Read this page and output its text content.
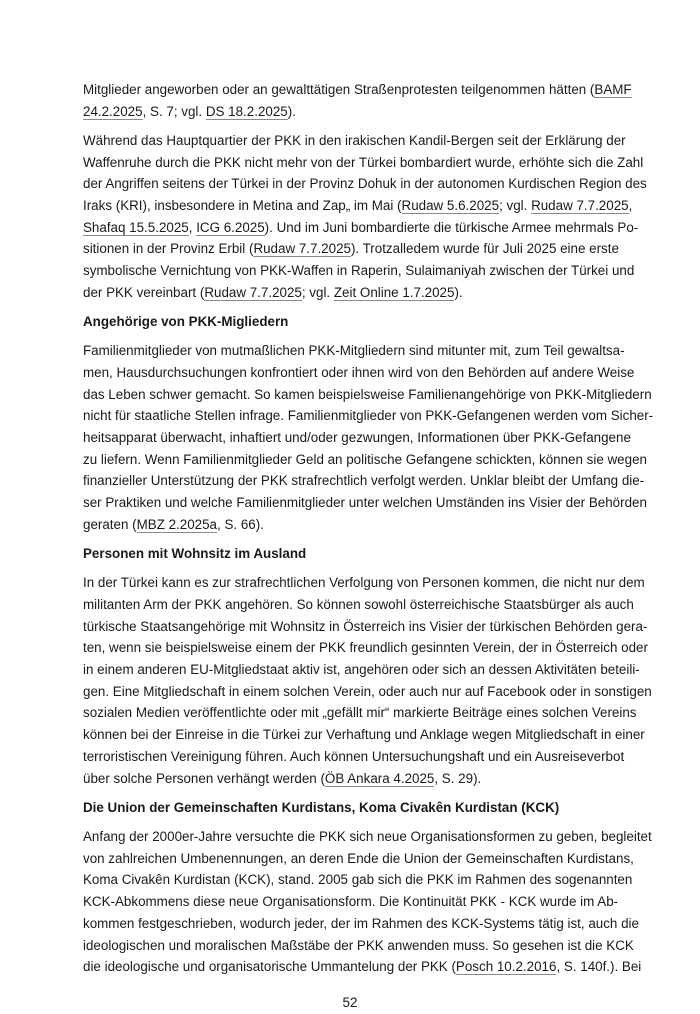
Mitglieder angeworben oder an gewalttätigen Straßenprotesten teilgenommen hätten (BAMF
24.2.2025, S. 7; vgl. DS 18.2.2025).
Während das Hauptquartier der PKK in den irakischen Kandil-Bergen seit der Erklärung der
Waffenruhe durch die PKK nicht mehr von der Türkei bombardiert wurde, erhöhte sich die Zahl
der Angriffen seitens der Türkei in der Provinz Dohuk in der autonomen Kurdischen Region des
Iraks (KRI), insbesondere in Metina and Zap„ im Mai (Rudaw 5.6.2025; vgl. Rudaw 7.7.2025,
Shafaq 15.5.2025, ICG 6.2025). Und im Juni bombardierte die türkische Armee mehrmals Po-
sitionen in der Provinz Erbil (Rudaw 7.7.2025). Trotzalledem wurde für Juli 2025 eine erste
symbolische Vernichtung von PKK-Waffen in Raperin, Sulaimaniyah zwischen der Türkei und
der PKK vereinbart (Rudaw 7.7.2025; vgl. Zeit Online 1.7.2025).
Angehörige von PKK-Migliedern
Familienmitglieder von mutmaßlichen PKK-Mitgliedern sind mitunter mit, zum Teil gewaltsa-
men, Hausdurchsuchungen konfrontiert oder ihnen wird von den Behörden auf andere Weise
das Leben schwer gemacht. So kamen beispielsweise Familienangehörige von PKK-Mitgliedern
nicht für staatliche Stellen infrage. Familienmitglieder von PKK-Gefangenen werden vom Sicher-
heitsapparat überwacht, inhaftiert und/oder gezwungen, Informationen über PKK-Gefangene
zu liefern. Wenn Familienmitglieder Geld an politische Gefangene schickten, können sie wegen
finanzieller Unterstützung der PKK strafrechtlich verfolgt werden. Unklar bleibt der Umfang die-
ser Praktiken und welche Familienmitglieder unter welchen Umständen ins Visier der Behörden
geraten (MBZ 2.2025a, S. 66).
Personen mit Wohnsitz im Ausland
In der Türkei kann es zur strafrechtlichen Verfolgung von Personen kommen, die nicht nur dem
militanten Arm der PKK angehören. So können sowohl österreichische Staatsbürger als auch
türkische Staatsangehörige mit Wohnsitz in Österreich ins Visier der türkischen Behörden gera-
ten, wenn sie beispielsweise einem der PKK freundlich gesinnten Verein, der in Österreich oder
in einem anderen EU-Mitgliedstaat aktiv ist, angehören oder sich an dessen Aktivitäten beteili-
gen. Eine Mitgliedschaft in einem solchen Verein, oder auch nur auf Facebook oder in sonstigen
sozialen Medien veröffentlichte oder mit „gefällt mir“ markierte Beiträge eines solchen Vereins
können bei der Einreise in die Türkei zur Verhaftung und Anklage wegen Mitgliedschaft in einer
terroristischen Vereinigung führen. Auch können Untersuchungshaft und ein Ausreiseverbot
über solche Personen verhängt werden (ÖB Ankara 4.2025, S. 29).
Die Union der Gemeinschaften Kurdistans, Koma Civakên Kurdistan (KCK)
Anfang der 2000er-Jahre versuchte die PKK sich neue Organisationsformen zu geben, begleitet
von zahlreichen Umbenennungen, an deren Ende die Union der Gemeinschaften Kurdistans,
Koma Civakên Kurdistan (KCK), stand. 2005 gab sich die PKK im Rahmen des sogenannten
KCK-Abkommens diese neue Organisationsform. Die Kontinuität PKK - KCK wurde im Ab-
kommen festgeschrieben, wodurch jeder, der im Rahmen des KCK-Systems tätig ist, auch die
ideologischen und moralischen Maßstäbe der PKK anwenden muss. So gesehen ist die KCK
die ideologische und organisatorische Ummantelung der PKK (Posch 10.2.2016, S. 140f.). Bei
52
